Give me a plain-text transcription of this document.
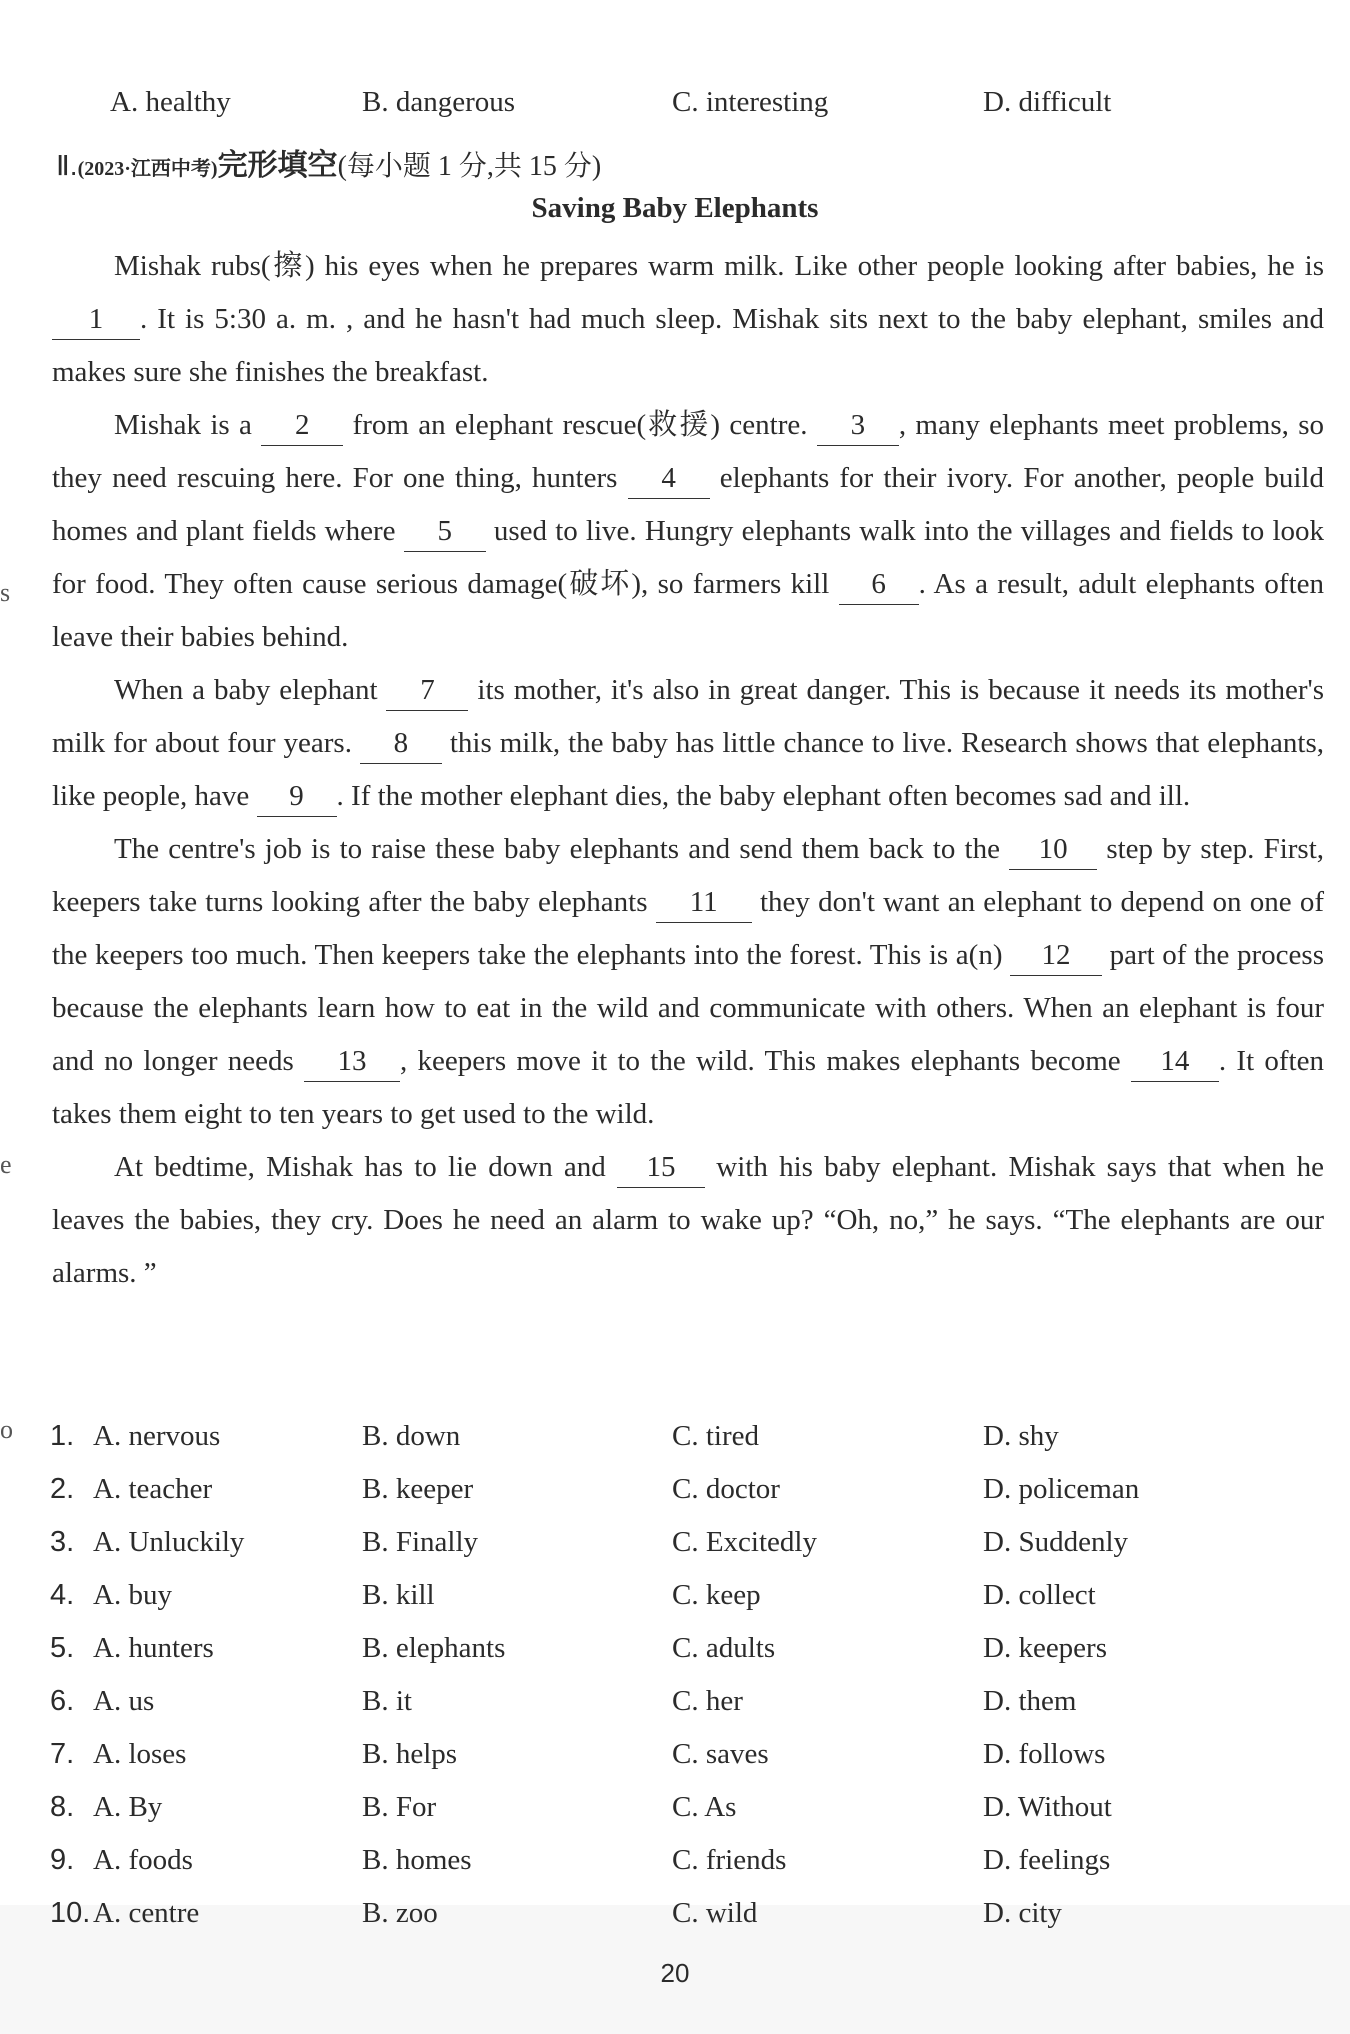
s
e
o
A. healthy	B. dangerous	C. interesting	D. difficult
Ⅱ.(2023·江西中考)完形填空(每小题 1 分,共 15 分)
Saving Baby Elephants

Mishak rubs(擦) his eyes when he prepares warm milk. Like other people looking after babies, he is 1 . It is 5:30 a. m. , and he hasn't had much sleep. Mishak sits next to the baby elephant, smiles and makes sure she finishes the breakfast.

Mishak is a 2 from an elephant rescue(救援) centre. 3 , many elephants meet problems, so they need rescuing here. For one thing, hunters 4 elephants for their ivory. For another, people build homes and plant fields where 5 used to live. Hungry elephants walk into the villages and fields to look for food. They often cause serious damage(破坏), so farmers kill 6 . As a result, adult elephants often leave their babies behind.

When a baby elephant 7 its mother, it's also in great danger. This is because it needs its mother's milk for about four years. 8 this milk, the baby has little chance to live. Research shows that elephants, like people, have 9 . If the mother elephant dies, the baby elephant often becomes sad and ill.

The centre's job is to raise these baby elephants and send them back to the 10 step by step. First, keepers take turns looking after the baby elephants 11 they don't want an elephant to depend on one of the keepers too much. Then keepers take the elephants into the forest. This is a(n) 12 part of the process because the elephants learn how to eat in the wild and communicate with others. When an elephant is four and no longer needs 13 , keepers move it to the wild. This makes elephants become 14 . It often takes them eight to ten years to get used to the wild.

At bedtime, Mishak has to lie down and 15 with his baby elephant. Mishak says that when he leaves the babies, they cry. Does he need an alarm to wake up? “Oh, no,” he says. “The elephants are our alarms. ”

1. A. nervous	B. down	C. tired	D. shy
2. A. teacher	B. keeper	C. doctor	D. policeman
3. A. Unluckily	B. Finally	C. Excitedly	D. Suddenly
4. A. buy	B. kill	C. keep	D. collect
5. A. hunters	B. elephants	C. adults	D. keepers
6. A. us	B. it	C. her	D. them
7. A. loses	B. helps	C. saves	D. follows
8. A. By	B. For	C. As	D. Without
9. A. foods	B. homes	C. friends	D. feelings
10. A. centre	B. zoo	C. wild	D. city
20
